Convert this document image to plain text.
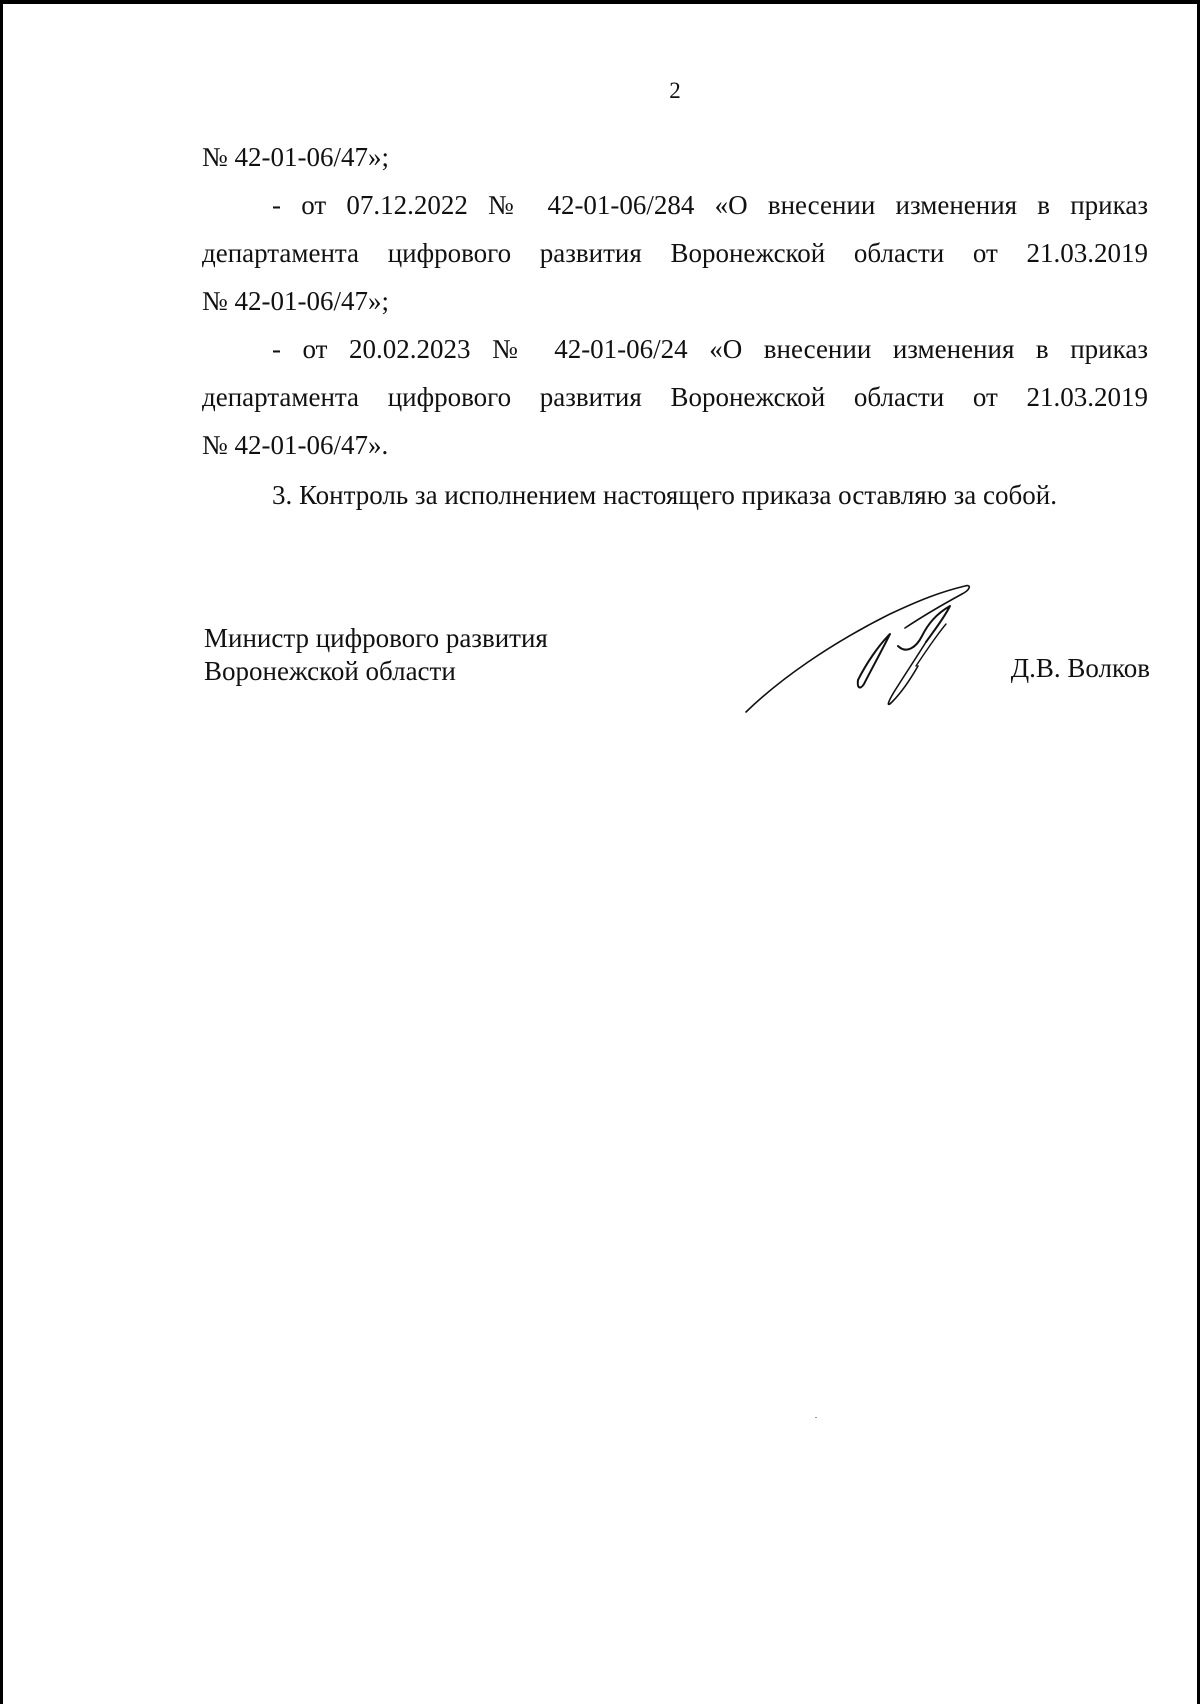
2

№ 42-01-06/47»;

- от 07.12.2022 № 42-01-06/284 «О внесении изменения в приказ

департамента цифрового развития Воронежской области от 21.03.2019

№ 42-01-06/47»;

- от 20.02.2023 № 42-01-06/24 «О внесении изменения в приказ

департамента цифрового развития Воронежской области от 21.03.2019

№ 42-01-06/47».

3. Контроль за исполнением настоящего приказа оставляю за собой.

Министр цифрового развития
Воронежской области	Д.В. Волков
